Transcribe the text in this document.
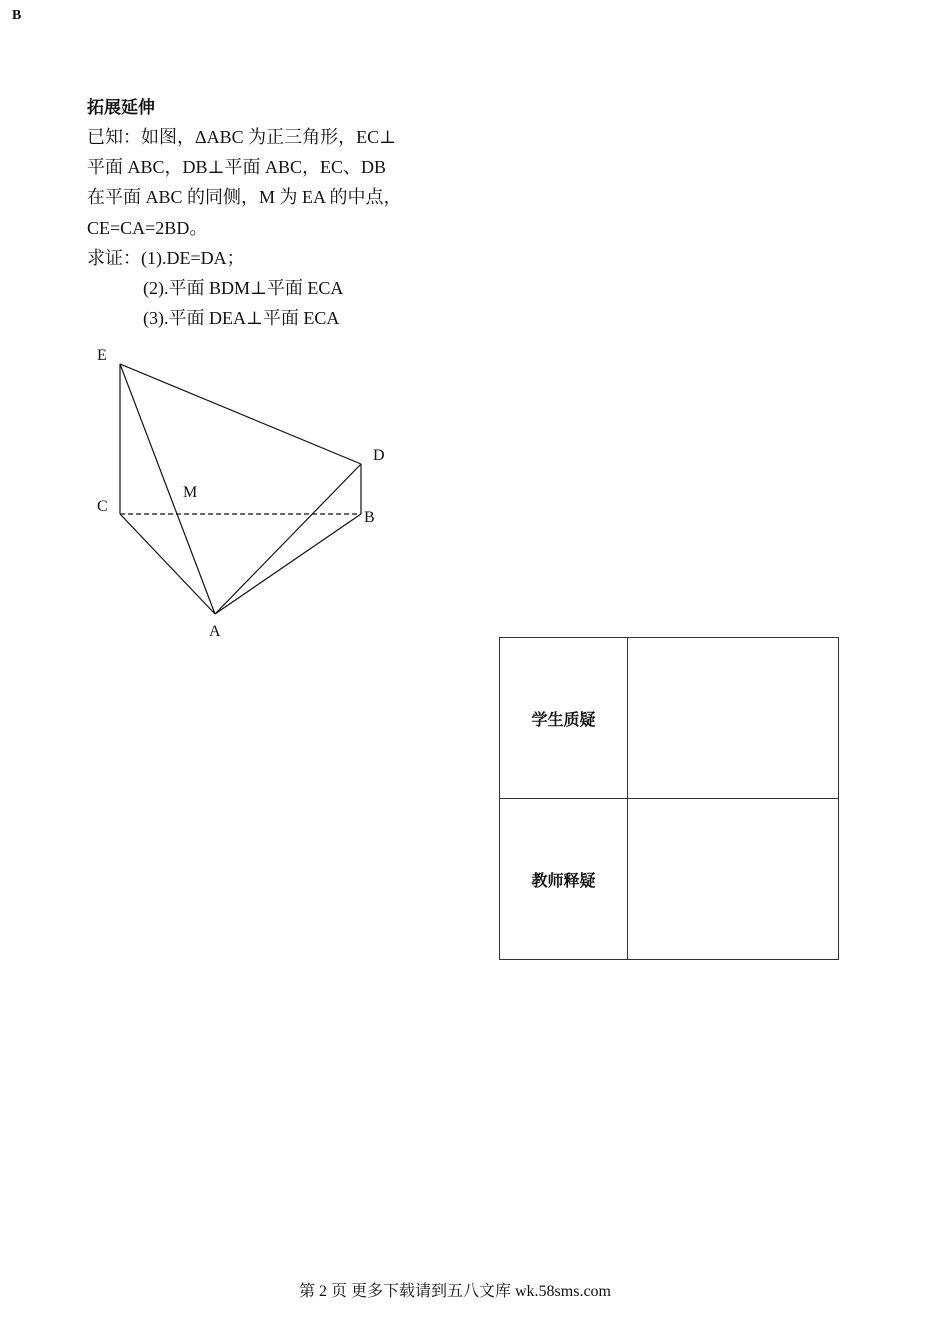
B
拓展延伸
已知：如图，ΔABC 为正三角形，EC⊥
平面 ABC，DB⊥平面 ABC，EC、DB
在平面 ABC 的同侧，M 为 EA 的中点，
CE=CA=2BD。
求证：(1).DE=DA；
(2).平面 BDM⊥平面 ECA
(3).平面 DEA⊥平面 ECA
E
D
C
M
B
A
学生质疑	
教师释疑	
第 2 页 更多下载请到五八文库 wk.58sms.com
